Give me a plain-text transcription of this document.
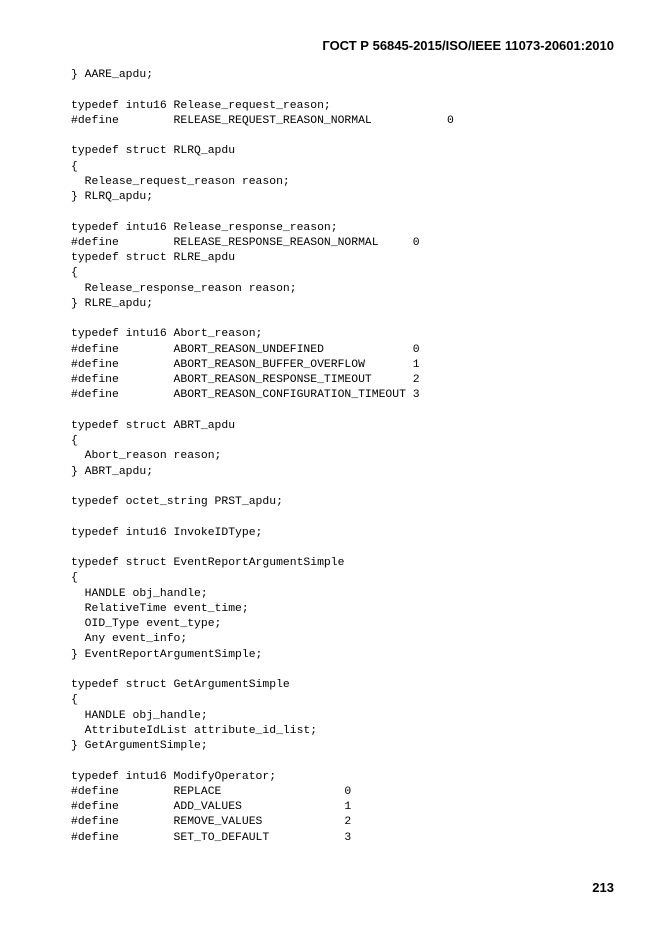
ГОСТ Р 56845-2015/ISO/IEEE 11073-20601:2010
} AARE_apdu;
typedef intu16 Release_request_reason;
#define        RELEASE_REQUEST_REASON_NORMAL           0
typedef struct RLRQ_apdu
{
Release_request_reason reason;
} RLRQ_apdu;
typedef intu16 Release_response_reason;
#define        RELEASE_RESPONSE_REASON_NORMAL     0
typedef struct RLRE_apdu
{
Release_response_reason reason;
} RLRE_apdu;
typedef intu16 Abort_reason;
#define        ABORT_REASON_UNDEFINED             0
#define        ABORT_REASON_BUFFER_OVERFLOW       1
#define        ABORT_REASON_RESPONSE_TIMEOUT      2
#define        ABORT_REASON_CONFIGURATION_TIMEOUT 3
typedef struct ABRT_apdu
{
Abort_reason reason;
} ABRT_apdu;
typedef octet_string PRST_apdu;
typedef intu16 InvokeIDType;
typedef struct EventReportArgumentSimple
{
HANDLE obj_handle;
RelativeTime event_time;
OID_Type event_type;
Any event_info;
} EventReportArgumentSimple;
typedef struct GetArgumentSimple
{
HANDLE obj_handle;
AttributeIdList attribute_id_list;
} GetArgumentSimple;
typedef intu16 ModifyOperator;
#define        REPLACE                  0
#define        ADD_VALUES               1
#define        REMOVE_VALUES            2
#define        SET_TO_DEFAULT           3
213
